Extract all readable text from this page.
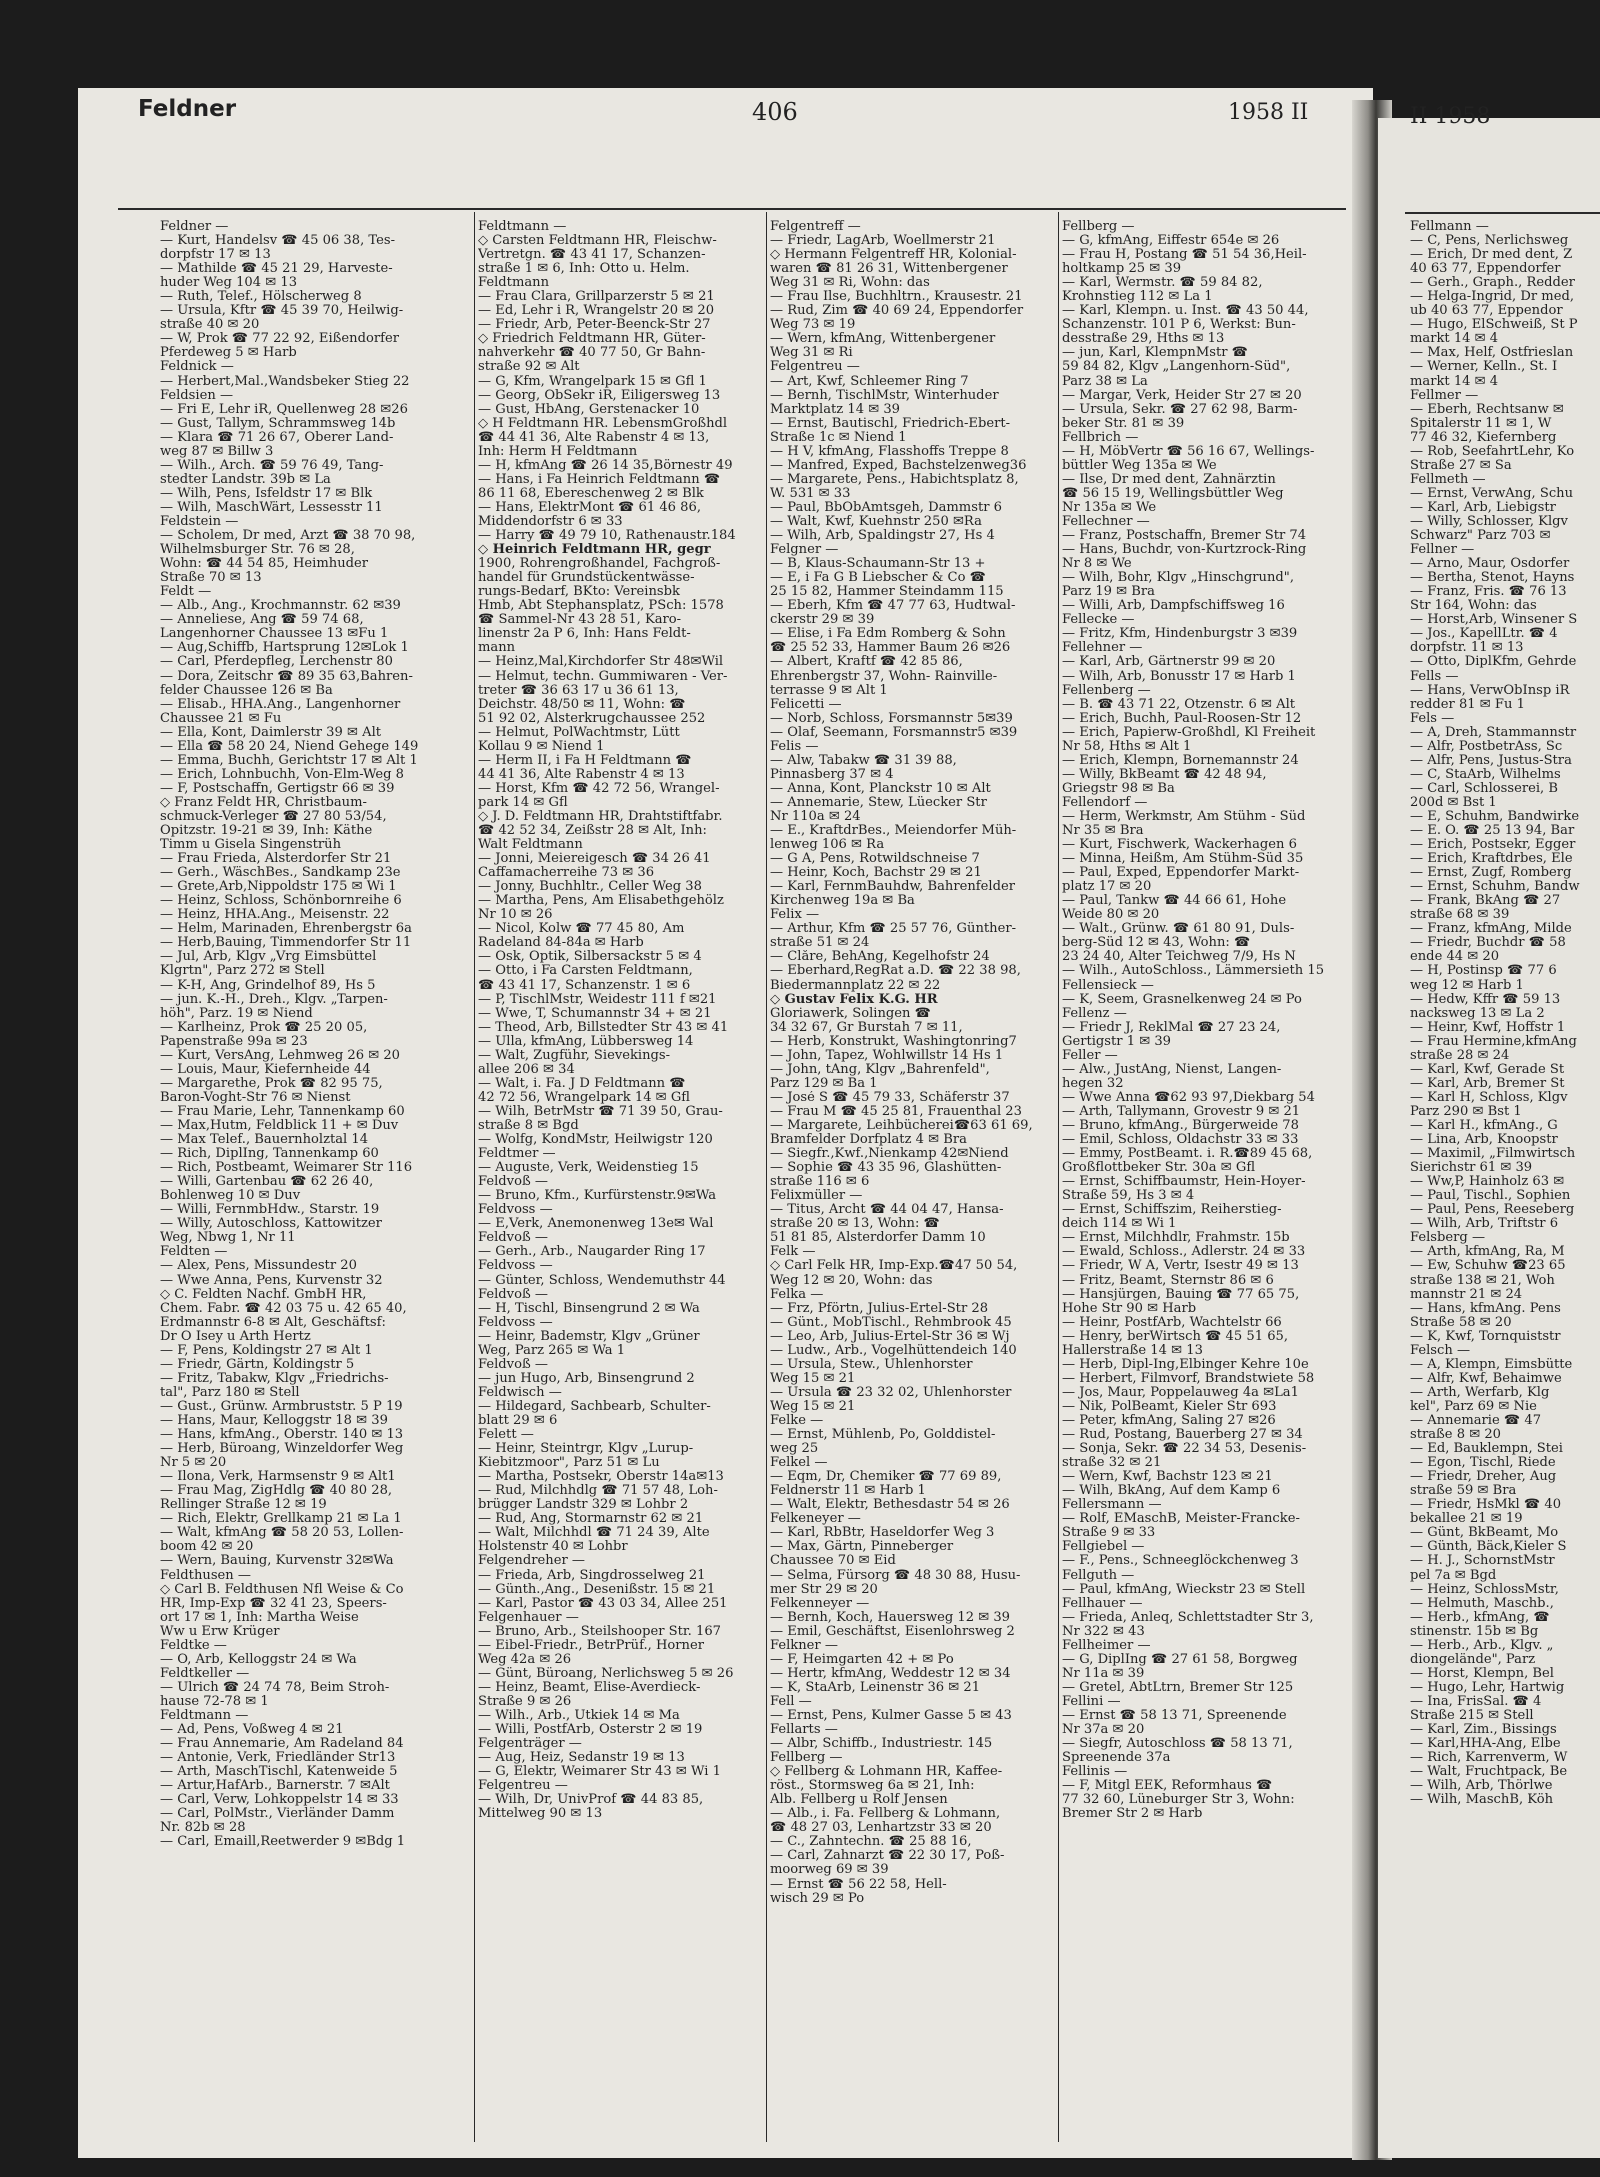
Feldner	406	1958 II	II 1958
Feldner —
— Kurt, Handelsv ☎ 45 06 38, Tes-
dorpfstr 17 ✉ 13
— Mathilde ☎ 45 21 29, Harveste-
huder Weg 104 ✉ 13
— Ruth, Telef., Hölscherweg 8
— Ursula, Kftr ☎ 45 39 70, Heilwig-
straße 40 ✉ 20
— W, Prok ☎ 77 22 92, Eißendorfer
Pferdeweg 5 ✉ Harb
Feldnick —
— Herbert,Mal.,Wandsbeker Stieg 22
Feldsien —
— Fri E, Lehr iR, Quellenweg 28 ✉26
— Gust, Tallym, Schrammsweg 14b
— Klara ☎ 71 26 67, Oberer Land-
weg 87 ✉ Billw 3
— Wilh., Arch. ☎ 59 76 49, Tang-
stedter Landstr. 39b ✉ La
— Wilh, Pens, Isfeldstr 17 ✉ Blk
— Wilh, MaschWärt, Lessesstr 11
Feldstein —
— Scholem, Dr med, Arzt ☎ 38 70 98,
Wilhelmsburger Str. 76 ✉ 28,
Wohn: ☎ 44 54 85, Heimhuder
Straße 70 ✉ 13
Feldt —
— Alb., Ang., Krochmannstr. 62 ✉39
— Anneliese, Ang ☎ 59 74 68,
Langenhorner Chaussee 13 ✉Fu 1
— Aug,Schiffb, Hartsprung 12✉Lok 1
— Carl, Pferdepfleg, Lerchenstr 80
— Dora, Zeitschr ☎ 89 35 63,Bahren-
felder Chaussee 126 ✉ Ba
— Elisab., HHA.Ang., Langenhorner
Chaussee 21 ✉ Fu
— Ella, Kont, Daimlerstr 39 ✉ Alt
— Ella ☎ 58 20 24, Niend Gehege 149
— Emma, Buchh, Gerichtstr 17 ✉ Alt 1
— Erich, Lohnbuchh, Von-Elm-Weg 8
— F, Postschaffn, Gertigstr 66 ✉ 39
◇ Franz Feldt HR, Christbaum-
schmuck-Verleger ☎ 27 80 53/54,
Opitzstr. 19-21 ✉ 39, Inh: Käthe
Timm u Gisela Singenstrüh
— Frau Frieda, Alsterdorfer Str 21
— Gerh., WäschBes., Sandkamp 23e
— Grete,Arb,Nippoldstr 175 ✉ Wi 1
— Heinz, Schloss, Schönbornreihe 6
— Heinz, HHA.Ang., Meisenstr. 22
— Helm, Marinaden, Ehrenbergstr 6a
— Herb,Bauing, Timmendorfer Str 11
— Jul, Arb, Klgv „Vrg Eimsbüttel
Klgrtn", Parz 272 ✉ Stell
— K-H, Ang, Grindelhof 89, Hs 5
— jun. K.-H., Dreh., Klgv. „Tarpen-
höh", Parz. 19 ✉ Niend
— Karlheinz, Prok ☎ 25 20 05,
Papenstraße 99a ✉ 23
— Kurt, VersAng, Lehmweg 26 ✉ 20
— Louis, Maur, Kiefernheide 44
— Margarethe, Prok ☎ 82 95 75,
Baron-Voght-Str 76 ✉ Nienst
— Frau Marie, Lehr, Tannenkamp 60
— Max,Hutm, Feldblick 11 + ✉ Duv
— Max Telef., Bauernholztal 14
— Rich, DiplIng, Tannenkamp 60
— Rich, Postbeamt, Weimarer Str 116
— Willi, Gartenbau ☎ 62 26 40,
Bohlenweg 10 ✉ Duv
— Willi, FernmbHdw., Starstr. 19
— Willy, Autoschloss, Kattowitzer
Weg, Nbwg 1, Nr 11
Feldten —
— Alex, Pens, Missundestr 20
— Wwe Anna, Pens, Kurvenstr 32
◇ C. Feldten Nachf. GmbH HR,
Chem. Fabr. ☎ 42 03 75 u. 42 65 40,
Erdmannstr 6-8 ✉ Alt, Geschäftsf:
Dr O Isey u Arth Hertz
— F, Pens, Koldingstr 27 ✉ Alt 1
— Friedr, Gärtn, Koldingstr 5
— Fritz, Tabakw, Klgv „Friedrichs-
tal", Parz 180 ✉ Stell
— Gust., Grünw. Armbruststr. 5 P 19
— Hans, Maur, Kelloggstr 18 ✉ 39
— Hans, kfmAng., Oberstr. 140 ✉ 13
— Herb, Büroang, Winzeldorfer Weg
Nr 5 ✉ 20
— Ilona, Verk, Harmsenstr 9 ✉ Alt1
— Frau Mag, ZigHdlg ☎ 40 80 28,
Rellinger Straße 12 ✉ 19
— Rich, Elektr, Grellkamp 21 ✉ La 1
— Walt, kfmAng ☎ 58 20 53, Lollen-
boom 42 ✉ 20
— Wern, Bauing, Kurvenstr 32✉Wa
Feldthusen —
◇ Carl B. Feldthusen Nfl Weise & Co
HR, Imp-Exp ☎ 32 41 23, Speers-
ort 17 ✉ 1, Inh: Martha Weise
Ww u Erw Krüger
Feldtke —
— O, Arb, Kelloggstr 24 ✉ Wa
Feldtkeller —
— Ulrich ☎ 24 74 78, Beim Stroh-
hause 72-78 ✉ 1
Feldtmann —
— Ad, Pens, Voßweg 4 ✉ 21
— Frau Annemarie, Am Radeland 84
— Antonie, Verk, Friedländer Str13
— Arth, MaschTischl, Katenweide 5
— Artur,HafArb., Barnerstr. 7 ✉Alt
— Carl, Verw, Lohkoppelstr 14 ✉ 33
— Carl, PolMstr., Vierländer Damm
Nr. 82b ✉ 28
— Carl, Emaill,Reetwerder 9 ✉Bdg 1
Feldtmann —
◇ Carsten Feldtmann HR, Fleischw-
Vertretgn. ☎ 43 41 17, Schanzen-
straße 1 ✉ 6, Inh: Otto u. Helm.
Feldtmann
— Frau Clara, Grillparzerstr 5 ✉ 21
— Ed, Lehr i R, Wrangelstr 20 ✉ 20
— Friedr, Arb, Peter-Beenck-Str 27
◇ Friedrich Feldtmann HR, Güter-
nahverkehr ☎ 40 77 50, Gr Bahn-
straße 92 ✉ Alt
— G, Kfm, Wrangelpark 15 ✉ Gfl 1
— Georg, ObSekr iR, Eiligersweg 13
— Gust, HbAng, Gerstenacker 10
◇ H Feldtmann HR. LebensmGroßhdl
☎ 44 41 36, Alte Rabenstr 4 ✉ 13,
Inh: Herm H Feldtmann
— H, kfmAng ☎ 26 14 35,Börnestr 49
— Hans, i Fa Heinrich Feldtmann ☎
86 11 68, Ebereschenweg 2 ✉ Blk
— Hans, ElektrMont ☎ 61 46 86,
Middendorfstr 6 ✉ 33
— Harry ☎ 49 79 10, Rathenaustr.184
◇ Heinrich Feldtmann HR, gegr
1900, Rohrengroßhandel, Fachgroß-
handel für Grundstückentwässe-
rungs-Bedarf, BKto: Vereinsbk
Hmb, Abt Stephansplatz, PSch: 1578
☎ Sammel-Nr 43 28 51, Karo-
linenstr 2a P 6, Inh: Hans Feldt-
mann
— Heinz,Mal,Kirchdorfer Str 48✉Wil
— Helmut, techn. Gummiwaren - Ver-
treter ☎ 36 63 17 u 36 61 13,
Deichstr. 48/50 ✉ 11, Wohn: ☎
51 92 02, Alsterkrugchaussee 252
— Helmut, PolWachtmstr, Lütt
Kollau 9 ✉ Niend 1
— Herm II, i Fa H Feldtmann ☎
44 41 36, Alte Rabenstr 4 ✉ 13
— Horst, Kfm ☎ 42 72 56, Wrangel-
park 14 ✉ Gfl
◇ J. D. Feldtmann HR, Drahtstiftfabr.
☎ 42 52 34, Zeißstr 28 ✉ Alt, Inh:
Walt Feldtmann
— Jonni, Meiereigesch ☎ 34 26 41
Caffamacherreihe 73 ✉ 36
— Jonny, Buchhltr., Celler Weg 38
— Martha, Pens, Am Elisabethgehölz
Nr 10 ✉ 26
— Nicol, Kolw ☎ 77 45 80, Am
Radeland 84-84a ✉ Harb
— Osk, Optik, Silbersackstr 5 ✉ 4
— Otto, i Fa Carsten Feldtmann,
☎ 43 41 17, Schanzenstr. 1 ✉ 6
— P, TischlMstr, Weidestr 111 f ✉21
— Wwe, T, Schumannstr 34 + ✉ 21
— Theod, Arb, Billstedter Str 43 ✉ 41
— Ulla, kfmAng, Lübbersweg 14
— Walt, Zugführ, Sievekings-
allee 206 ✉ 34
— Walt, i. Fa. J D Feldtmann ☎
42 72 56, Wrangelpark 14 ✉ Gfl
— Wilh, BetrMstr ☎ 71 39 50, Grau-
straße 8 ✉ Bgd
— Wolfg, KondMstr, Heilwigstr 120
Feldtmer —
— Auguste, Verk, Weidenstieg 15
Feldvoß —
— Bruno, Kfm., Kurfürstenstr.9✉Wa
Feldvoss —
— E,Verk, Anemonenweg 13e✉ Wal
Feldvoß —
— Gerh., Arb., Naugarder Ring 17
Feldvoss —
— Günter, Schloss, Wendemuthstr 44
Feldvoß —
— H, Tischl, Binsengrund 2 ✉ Wa
Feldvoss —
— Heinr, Bademstr, Klgv „Grüner
Weg, Parz 265 ✉ Wa 1
Feldvoß —
— jun Hugo, Arb, Binsengrund 2
Feldwisch —
— Hildegard, Sachbearb, Schulter-
blatt 29 ✉ 6
Felett —
— Heinr, Steintrgr, Klgv „Lurup-
Kiebitzmoor", Parz 51 ✉ Lu
— Martha, Postsekr, Oberstr 14a✉13
— Rud, Milchhdlg ☎ 71 57 48, Loh-
brügger Landstr 329 ✉ Lohbr 2
— Rud, Ang, Stormarnstr 62 ✉ 21
— Walt, Milchhdl ☎ 71 24 39, Alte
Holstenstr 40 ✉ Lohbr
Felgendreher —
— Frieda, Arb, Singdrosselweg 21
— Günth.,Ang., Desenißstr. 15 ✉ 21
— Karl, Pastor ☎ 43 03 34, Allee 251
Felgenhauer —
— Bruno, Arb., Steilshooper Str. 167
— Eibel-Friedr., BetrPrüf., Horner
Weg 42a ✉ 26
— Günt, Büroang, Nerlichsweg 5 ✉ 26
— Heinz, Beamt, Elise-Averdieck-
Straße 9 ✉ 26
— Wilh., Arb., Utkiek 14 ✉ Ma
— Willi, PostfArb, Osterstr 2 ✉ 19
Felgenträger —
— Aug, Heiz, Sedanstr 19 ✉ 13
— G, Elektr, Weimarer Str 43 ✉ Wi 1
Felgentreu —
— Wilh, Dr, UnivProf ☎ 44 83 85,
Mittelweg 90 ✉ 13
Felgentreff —
— Friedr, LagArb, Woellmerstr 21
◇ Hermann Felgentreff HR, Kolonial-
waren ☎ 81 26 31, Wittenbergener
Weg 31 ✉ Ri, Wohn: das
— Frau Ilse, Buchhltrn., Krausestr. 21
— Rud, Zim ☎ 40 69 24, Eppendorfer
Weg 73 ✉ 19
— Wern, kfmAng, Wittenbergener
Weg 31 ✉ Ri
Felgentreu —
— Art, Kwf, Schleemer Ring 7
— Bernh, TischlMstr, Winterhuder
Marktplatz 14 ✉ 39
— Ernst, Bautischl, Friedrich-Ebert-
Straße 1c ✉ Niend 1
— H V, kfmAng, Flasshoffs Treppe 8
— Manfred, Exped, Bachstelzenweg36
— Margarete, Pens., Habichtsplatz 8,
W. 531 ✉ 33
— Paul, BbObAmtsgeh, Dammstr 6
— Walt, Kwf, Kuehnstr 250 ✉Ra
— Wilh, Arb, Spaldingstr 27, Hs 4
Felgner —
— B, Klaus-Schaumann-Str 13 +
— E, i Fa G B Liebscher & Co ☎
25 15 82, Hammer Steindamm 115
— Eberh, Kfm ☎ 47 77 63, Hudtwal-
ckerstr 29 ✉ 39
— Elise, i Fa Edm Romberg & Sohn
☎ 25 52 33, Hammer Baum 26 ✉26
— Albert, Kraftf ☎ 42 85 86,
Ehrenbergstr 37, Wohn- Rainville-
terrasse 9 ✉ Alt 1
Felicetti —
— Norb, Schloss, Forsmannstr 5✉39
— Olaf, Seemann, Forsmannstr5 ✉39
Felis —
— Alw, Tabakw ☎ 31 39 88,
Pinnasberg 37 ✉ 4
— Anna, Kont, Planckstr 10 ✉ Alt
— Annemarie, Stew, Lüecker Str
Nr 110a ✉ 24
— E., KraftdrBes., Meiendorfer Müh-
lenweg 106 ✉ Ra
— G A, Pens, Rotwildschneise 7
— Heinr, Koch, Bachstr 29 ✉ 21
— Karl, FernmBauhdw, Bahrenfelder
Kirchenweg 19a ✉ Ba
Felix —
— Arthur, Kfm ☎ 25 57 76, Günther-
straße 51 ✉ 24
— Clåre, BehAng, Kegelhofstr 24
— Eberhard,RegRat a.D. ☎ 22 38 98,
Biedermannplatz 22 ✉ 22
◇ Gustav Felix K.G. HR
Gloriawerk, Solingen ☎
34 32 67, Gr Burstah 7 ✉ 11,
— Herb, Konstrukt, Washingtonring7
— John, Tapez, Wohlwillstr 14 Hs 1
— John, tAng, Klgv „Bahrenfeld",
Parz 129 ✉ Ba 1
— José S ☎ 45 79 33, Schäferstr 37
— Frau M ☎ 45 25 81, Frauenthal 23
— Margarete, Leihbücherei☎63 61 69,
Bramfelder Dorfplatz 4 ✉ Bra
— Siegfr.,Kwf.,Nienkamp 42✉Niend
— Sophie ☎ 43 35 96, Glashütten-
straße 116 ✉ 6
Felixmüller —
— Titus, Archt ☎ 44 04 47, Hansa-
straße 20 ✉ 13, Wohn: ☎
51 81 85, Alsterdorfer Damm 10
Felk —
◇ Carl Felk HR, Imp-Exp.☎47 50 54,
Weg 12 ✉ 20, Wohn: das
Felka —
— Frz, Pförtn, Julius-Ertel-Str 28
— Günt., MobTischl., Rehmbrook 45
— Leo, Arb, Julius-Ertel-Str 36 ✉ Wj
— Ludw., Arb., Vogelhüttendeich 140
— Ursula, Stew., Uhlenhorster
Weg 15 ✉ 21
— Ursula ☎ 23 32 02, Uhlenhorster
Weg 15 ✉ 21
Felke —
— Ernst, Mühlenb, Po, Golddistel-
weg 25
Felkel —
— Eqm, Dr, Chemiker ☎ 77 69 89,
Feldnerstr 11 ✉ Harb 1
— Walt, Elektr, Bethesdastr 54 ✉ 26
Felkeneyer —
— Karl, RbBtr, Haseldorfer Weg 3
— Max, Gärtn, Pinneberger
Chaussee 70 ✉ Eid
— Selma, Fürsorg ☎ 48 30 88, Husu-
mer Str 29 ✉ 20
Felkenneyer —
— Bernh, Koch, Hauersweg 12 ✉ 39
— Emil, Geschäftst, Eisenlohrsweg 2
Felkner —
— F, Heimgarten 42 + ✉ Po
— Hertr, kfmAng, Weddestr 12 ✉ 34
— K, StaArb, Leinenstr 36 ✉ 21
Fell —
— Ernst, Pens, Kulmer Gasse 5 ✉ 43
Fellarts —
— Albr, Schiffb., Industriestr. 145
Fellberg —
◇ Fellberg & Lohmann HR, Kaffee-
röst., Stormsweg 6a ✉ 21, Inh:
Alb. Fellberg u Rolf Jensen
— Alb., i. Fa. Fellberg & Lohmann,
☎ 48 27 03, Lenhartzstr 33 ✉ 20
— C., Zahntechn. ☎ 25 88 16,
— Carl, Zahnarzt ☎ 22 30 17, Poß-
moorweg 69 ✉ 39
— Ernst ☎ 56 22 58, Hell-
wisch 29 ✉ Po
Fellberg —
— G, kfmAng, Eiffestr 654e ✉ 26
— Frau H, Postang ☎ 51 54 36,Heil-
holtkamp 25 ✉ 39
— Karl, Wermstr. ☎ 59 84 82,
Krohnstieg 112 ✉ La 1
— Karl, Klempn. u. Inst. ☎ 43 50 44,
Schanzenstr. 101 P 6, Werkst: Bun-
desstraße 29, Hths ✉ 13
— jun, Karl, KlempnMstr ☎
59 84 82, Klgv „Langenhorn-Süd",
Parz 38 ✉ La
— Margar, Verk, Heider Str 27 ✉ 20
— Ursula, Sekr. ☎ 27 62 98, Barm-
beker Str. 81 ✉ 39
Fellbrich —
— H, MöbVertr ☎ 56 16 67, Wellings-
büttler Weg 135a ✉ We
— Ilse, Dr med dent, Zahnärztin
☎ 56 15 19, Wellingsbüttler Weg
Nr 135a ✉ We
Fellechner —
— Franz, Postschaffn, Bremer Str 74
— Hans, Buchdr, von-Kurtzrock-Ring
Nr 8 ✉ We
— Wilh, Bohr, Klgv „Hinschgrund",
Parz 19 ✉ Bra
— Willi, Arb, Dampfschiffsweg 16
Fellecke —
— Fritz, Kfm, Hindenburgstr 3 ✉39
Fellehner —
— Karl, Arb, Gärtnerstr 99 ✉ 20
— Wilh, Arb, Bonusstr 17 ✉ Harb 1
Fellenberg —
— B. ☎ 43 71 22, Otzenstr. 6 ✉ Alt
— Erich, Buchh, Paul-Roosen-Str 12
— Erich, Papierw-Großhdl, Kl Freiheit
Nr 58, Hths ✉ Alt 1
— Erich, Klempn, Bornemannstr 24
— Willy, BkBeamt ☎ 42 48 94,
Griegstr 98 ✉ Ba
Fellendorf —
— Herm, Werkmstr, Am Stühm - Süd
Nr 35 ✉ Bra
— Kurt, Fischwerk, Wackerhagen 6
— Minna, Heißm, Am Stühm-Süd 35
— Paul, Exped, Eppendorfer Markt-
platz 17 ✉ 20
— Paul, Tankw ☎ 44 66 61, Hohe
Weide 80 ✉ 20
— Walt., Grünw. ☎ 61 80 91, Duls-
berg-Süd 12 ✉ 43, Wohn: ☎
23 24 40, Alter Teichweg 7/9, Hs N
— Wilh., AutoSchloss., Lämmersieth 15
Fellensieck —
— K, Seem, Grasnelkenweg 24 ✉ Po
Fellenz —
— Friedr J, ReklMal ☎ 27 23 24,
Gertigstr 1 ✉ 39
Feller —
— Alw., JustAng, Nienst, Langen-
hegen 32
— Wwe Anna ☎62 93 97,Diekbarg 54
— Arth, Tallymann, Grovestr 9 ✉ 21
— Bruno, kfmAng., Bürgerweide 78
— Emil, Schloss, Oldachstr 33 ✉ 33
— Emmy, PostBeamt. i. R.☎89 45 68,
Großflottbeker Str. 30a ✉ Gfl
— Ernst, Schiffbaumstr, Hein-Hoyer-
Straße 59, Hs 3 ✉ 4
— Ernst, Schiffszim, Reiherstieg-
deich 114 ✉ Wi 1
— Ernst, Milchhdlr, Frahmstr. 15b
— Ewald, Schloss., Adlerstr. 24 ✉ 33
— Friedr, W A, Vertr, Isestr 49 ✉ 13
— Fritz, Beamt, Sternstr 86 ✉ 6
— Hansjürgen, Bauing ☎ 77 65 75,
Hohe Str 90 ✉ Harb
— Heinr, PostfArb, Wachtelstr 66
— Henry, berWirtsch ☎ 45 51 65,
Hallerstraße 14 ✉ 13
— Herb, Dipl-Ing,Elbinger Kehre 10e
— Herbert, Filmvorf, Brandstwiete 58
— Jos, Maur, Poppelauweg 4a ✉La1
— Nik, PolBeamt, Kieler Str 693
— Peter, kfmAng, Saling 27 ✉26
— Rud, Postang, Bauerberg 27 ✉ 34
— Sonja, Sekr. ☎ 22 34 53, Desenis-
straße 32 ✉ 21
— Wern, Kwf, Bachstr 123 ✉ 21
— Wilh, BkAng, Auf dem Kamp 6
Fellersmann —
— Rolf, EMaschB, Meister-Francke-
Straße 9 ✉ 33
Fellgiebel —
— F., Pens., Schneeglöckchenweg 3
Fellguth —
— Paul, kfmAng, Wieckstr 23 ✉ Stell
Fellhauer —
— Frieda, Anleq, Schlettstadter Str 3,
Nr 322 ✉ 43
Fellheimer —
— G, DiplIng ☎ 27 61 58, Borgweg
Nr 11a ✉ 39
— Gretel, AbtLtrn, Bremer Str 125
Fellini —
— Ernst ☎ 58 13 71, Spreenende
Nr 37a ✉ 20
— Siegfr, Autoschloss ☎ 58 13 71,
Spreenende 37a
Fellinis —
— F, Mitgl EEK, Reformhaus ☎
77 32 60, Lüneburger Str 3, Wohn:
Bremer Str 2 ✉ Harb
Fellmann —
— C, Pens, Nerlichsweg
— Erich, Dr med dent, Z
40 63 77, Eppendorfer
— Gerh., Graph., Redder
— Helga-Ingrid, Dr med,
ub 40 63 77, Eppendor
— Hugo, ElSchweiß, St P
markt 14 ✉ 4
— Max, Helf, Ostfrieslan
— Werner, Kelln., St. I
markt 14 ✉ 4
Fellmer —
— Eberh, Rechtsanw ✉
Spitalerstr 11 ✉ 1, W
77 46 32, Kiefernberg
— Rob, SeefahrtLehr, Ko
Straße 27 ✉ Sa
Fellmeth —
— Ernst, VerwAng, Schu
— Karl, Arb, Liebigstr
— Willy, Schlosser, Klgv
Schwarz" Parz 703 ✉
Fellner —
— Arno, Maur, Osdorfer
— Bertha, Stenot, Hayns
— Franz, Fris. ☎ 76 13
Str 164, Wohn: das
— Horst,Arb, Winsener S
— Jos., KapellLtr. ☎ 4
dorpfstr. 11 ✉ 13
— Otto, DiplKfm, Gehrde
Fells —
— Hans, VerwObInsp iR
redder 81 ✉ Fu 1
Fels —
— A, Dreh, Stammannstr
— Alfr, PostbetrAss, Sc
— Alfr, Pens, Justus-Stra
— C, StaArb, Wilhelms
— Carl, Schlosserei, B
200d ✉ Bst 1
— E, Schuhm, Bandwirke
— E. O. ☎ 25 13 94, Bar
— Erich, Postsekr, Egger
— Erich, Kraftdrbes, Ele
— Ernst, Zugf, Romberg
— Ernst, Schuhm, Bandw
— Frank, BkAng ☎ 27
straße 68 ✉ 39
— Franz, kfmAng, Milde
— Friedr, Buchdr ☎ 58
ende 44 ✉ 20
— H, Postinsp ☎ 77 6
weg 12 ✉ Harb 1
— Hedw, Kffr ☎ 59 13
nacksweg 13 ✉ La 2
— Heinr, Kwf, Hoffstr 1
— Frau Hermine,kfmAng
straße 28 ✉ 24
— Karl, Kwf, Gerade St
— Karl, Arb, Bremer St
— Karl H, Schloss, Klgv
Parz 290 ✉ Bst 1
— Karl H., kfmAng., G
— Lina, Arb, Knoopstr
— Maximil, „Filmwirtsch
Sierichstr 61 ✉ 39
— Ww,P, Hainholz 63 ✉
— Paul, Tischl., Sophien
— Paul, Pens, Reeseberg
— Wilh, Arb, Triftstr 6
Felsberg —
— Arth, kfmAng, Ra, M
— Ew, Schuhw ☎23 65
straße 138 ✉ 21, Woh
mannstr 21 ✉ 24
— Hans, kfmAng. Pens
Straße 58 ✉ 20
— K, Kwf, Tornquiststr
Felsch —
— A, Klempn, Eimsbütte
— Alfr, Kwf, Behaimwe
— Arth, Werfarb, Klg
kel", Parz 69 ✉ Nie
— Annemarie ☎ 47
straße 8 ✉ 20
— Ed, Bauklempn, Stei
— Egon, Tischl, Riede
— Friedr, Dreher, Aug
straße 59 ✉ Bra
— Friedr, HsMkl ☎ 40
bekallee 21 ✉ 19
— Günt, BkBeamt, Mo
— Günth, Bäck,Kieler S
— H. J., SchornstMstr
pel 7a ✉ Bgd
— Heinz, SchlossMstr,
— Helmuth, Maschb.,
— Herb., kfmAng, ☎
stinenstr. 15b ✉ Bg
— Herb., Arb., Klgv. „
diongelände", Parz
— Horst, Klempn, Bel
— Hugo, Lehr, Hartwig
— Ina, FrisSal. ☎ 4
Straße 215 ✉ Stell
— Karl, Zim., Bissings
— Karl,HHA-Ang, Elbe
— Rich, Karrenverm, W
— Walt, Fruchtpack, Be
— Wilh, Arb, Thörlwe
— Wilh, MaschB, Köh
